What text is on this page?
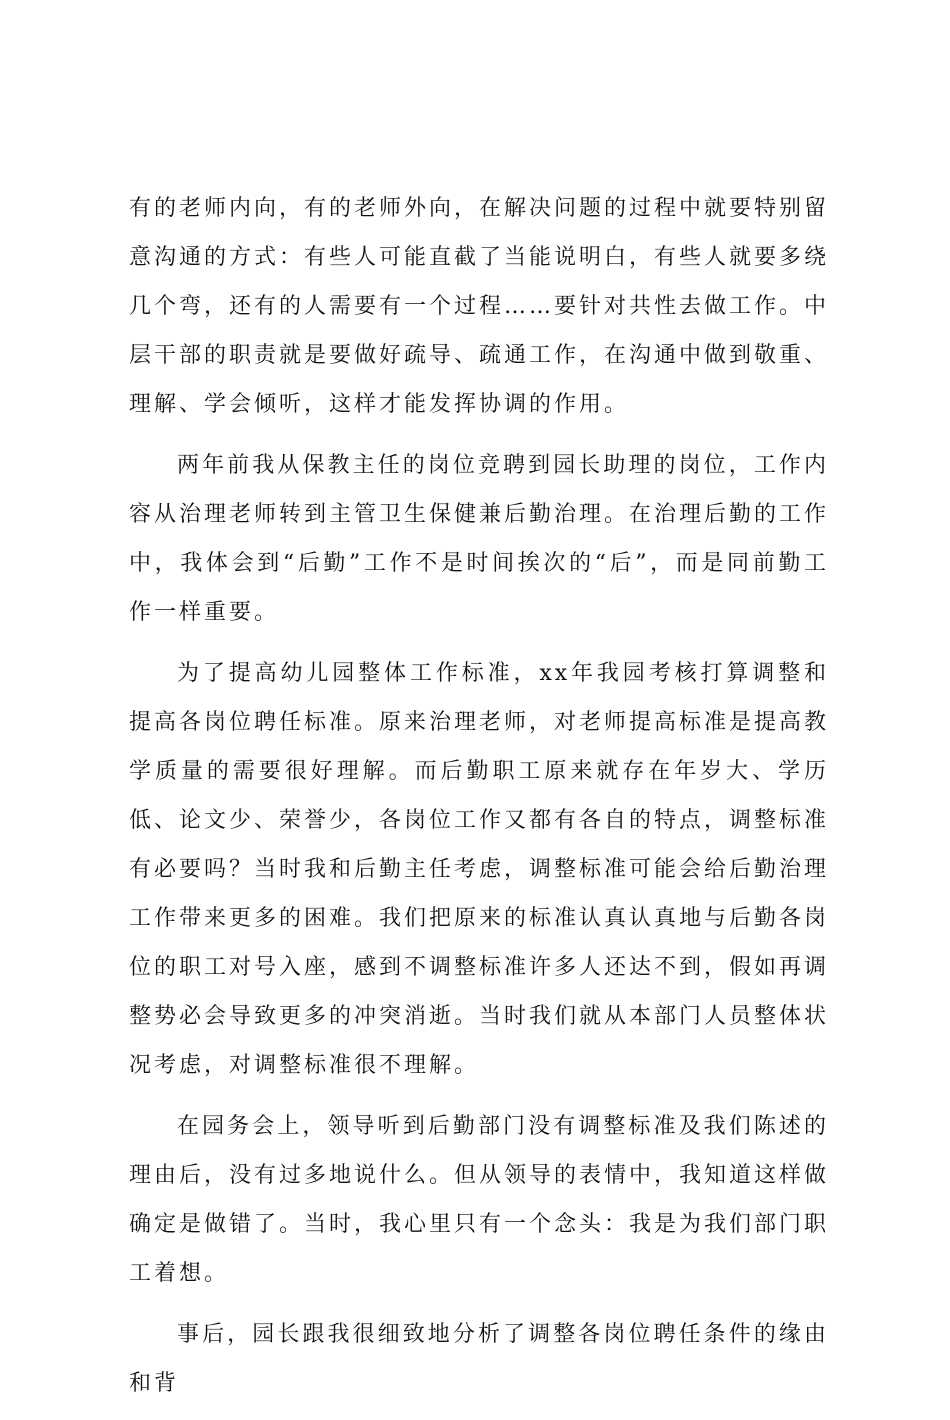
有的老师内向，有的老师外向，在解决问题的过程中就要特别留意沟通的方式：有些人可能直截了当能说明白，有些人就要多绕几个弯，还有的人需要有一个过程……要针对共性去做工作。中层干部的职责就是要做好疏导、疏通工作，在沟通中做到敬重、理解、学会倾听，这样才能发挥协调的作用。

两年前我从保教主任的岗位竞聘到园长助理的岗位，工作内容从治理老师转到主管卫生保健兼后勤治理。在治理后勤的工作中，我体会到“后勤”工作不是时间挨次的“后”，而是同前勤工作一样重要。

为了提高幼儿园整体工作标准，xx年我园考核打算调整和提高各岗位聘任标准。原来治理老师，对老师提高标准是提高教学质量的需要很好理解。而后勤职工原来就存在年岁大、学历低、论文少、荣誉少，各岗位工作又都有各自的特点，调整标准有必要吗？当时我和后勤主任考虑，调整标准可能会给后勤治理工作带来更多的困难。我们把原来的标准认真认真地与后勤各岗位的职工对号入座，感到不调整标准许多人还达不到，假如再调整势必会导致更多的冲突消逝。当时我们就从本部门人员整体状况考虑，对调整标准很不理解。

在园务会上，领导听到后勤部门没有调整标准及我们陈述的理由后，没有过多地说什么。但从领导的表情中，我知道这样做确定是做错了。当时，我心里只有一个念头：我是为我们部门职工着想。

事后，园长跟我很细致地分析了调整各岗位聘任条件的缘由和背
